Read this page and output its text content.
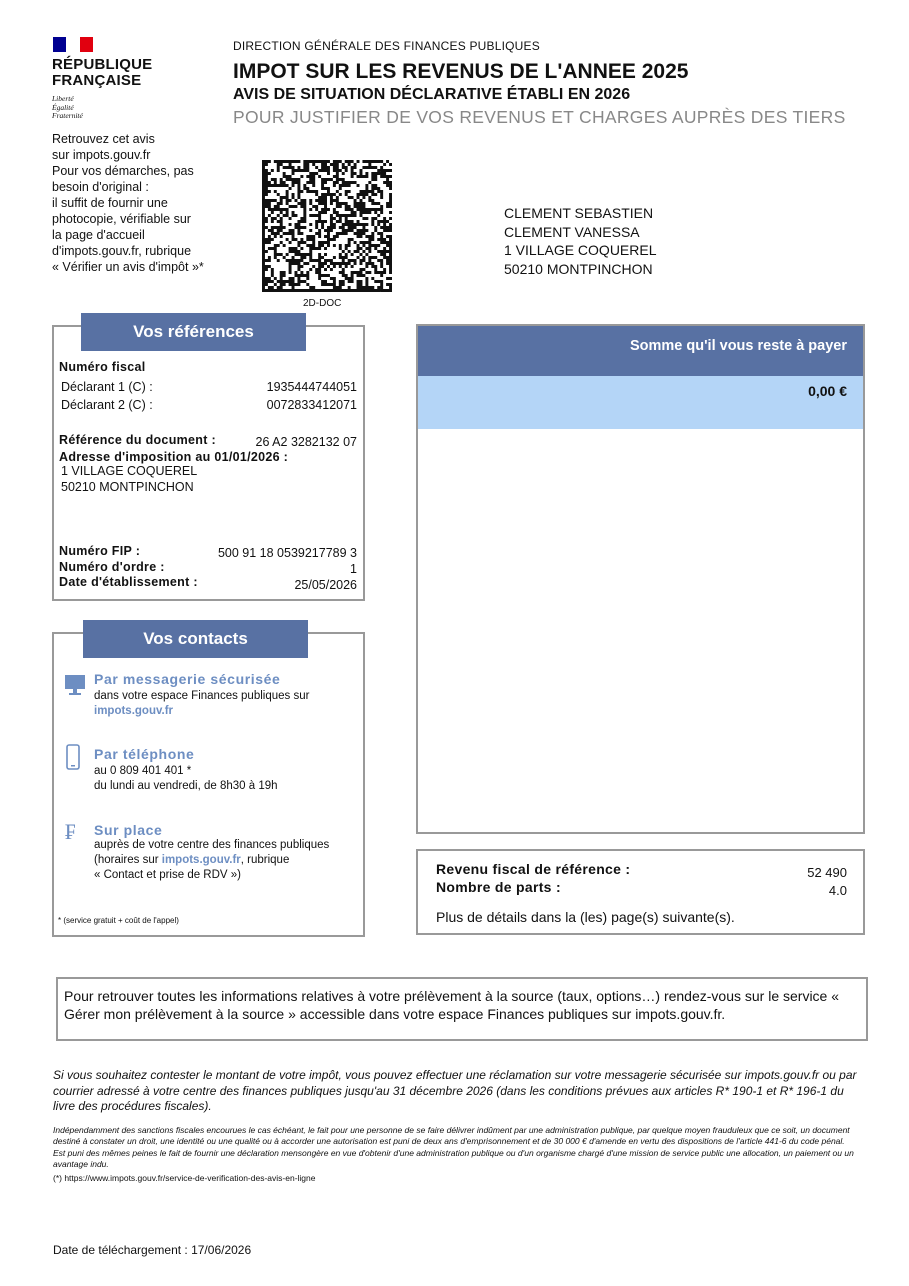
RÉPUBLIQUE
FRANÇAISE
Liberté
Égalité
Fraternité
DIRECTION GÉNÉRALE DES FINANCES PUBLIQUES
IMPOT SUR LES REVENUS DE L'ANNEE 2025
AVIS DE SITUATION DÉCLARATIVE ÉTABLI EN 2026
POUR JUSTIFIER DE VOS REVENUS ET CHARGES AUPRÈS DES TIERS
Retrouvez cet avis
sur impots.gouv.fr
Pour vos démarches, pas
besoin d'original :
il suffit de fournir une
photocopie, vérifiable sur
la page d'accueil
d'impots.gouv.fr, rubrique
« Vérifier un avis d'impôt »*
2D-DOC
CLEMENT SEBASTIEN
CLEMENT VANESSA
1 VILLAGE COQUEREL
50210 MONTPINCHON
Vos références
Numéro fiscal
Déclarant 1 (C) :	1935444744051
Déclarant 2 (C) :	0072833412071
Référence du document :	26 A2 3282132 07
Adresse d'imposition au 01/01/2026 :
1 VILLAGE COQUEREL
50210 MONTPINCHON
Numéro FIP :	500 91 18 0539217789 3
Numéro d'ordre :	1
Date d'établissement :	25/05/2026
Vos contacts
Par messagerie sécurisée
dans votre espace Finances publiques sur
impots.gouv.fr
Par téléphone
au 0 809 401 401 *
du lundi au vendredi, de 8h30 à 19h
₣ Sur place
auprès de votre centre des finances publiques
(horaires sur impots.gouv.fr, rubrique
« Contact et prise de RDV »)
* (service gratuit + coût de l'appel)
Somme qu'il vous reste à payer
0,00 €
Revenu fiscal de référence :	52 490
Nombre de parts :	4.0
Plus de détails dans la (les) page(s) suivante(s).
Pour retrouver toutes les informations relatives à votre prélèvement à la source (taux, options…) rendez-vous sur le service « Gérer mon prélèvement à la source » accessible dans votre espace Finances publiques sur impots.gouv.fr.
Si vous souhaitez contester le montant de votre impôt, vous pouvez effectuer une réclamation sur votre messagerie sécurisée sur impots.gouv.fr ou par courrier adressé à votre centre des finances publiques jusqu'au 31 décembre 2026 (dans les conditions prévues aux articles R* 190-1 et R* 196-1 du livre des procédures fiscales).
Indépendamment des sanctions fiscales encourues le cas échéant, le fait pour une personne de se faire délivrer indûment par une administration publique, par quelque moyen frauduleux que ce soit, un document destiné à constater un droit, une identité ou une qualité ou à accorder une autorisation est puni de deux ans d'emprisonnement et de 30 000 € d'amende en vertu des dispositions de l'article 441-6 du code pénal.
Est puni des mêmes peines le fait de fournir une déclaration mensongère en vue d'obtenir d'une administration publique ou d'un organisme chargé d'une mission de service public une allocation, un paiement ou un avantage indu.
(*) https://www.impots.gouv.fr/service-de-verification-des-avis-en-ligne
Date de téléchargement : 17/06/2026
